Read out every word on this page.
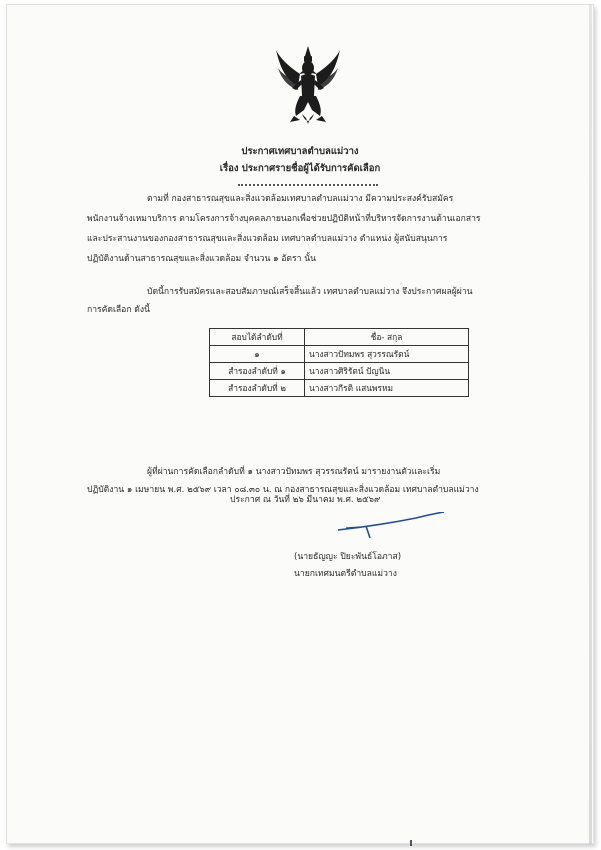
ประกาศเทศบาลตำบลแม่วาง
เรื่อง ประกาศรายชื่อผู้ได้รับการคัดเลือก
ตามที่ กองสาธารณสุขและสิ่งแวดล้อมเทศบาลตำบลแม่วาง มีความประสงค์รับสมัคร
พนักงานจ้างเหมาบริการ ตามโครงการจ้างบุคคลภายนอกเพื่อช่วยปฏิบัติหน้าที่บริหารจัดการงานด้านเอกสาร
และประสานงานของกองสาธารณสุขและสิ่งแวดล้อม เทศบาลตำบลแม่วาง ตำแหน่ง ผู้สนับสนุนการ
ปฏิบัติงานด้านสาธารณสุขและสิ่งแวดล้อม จำนวน ๑ อัตรา นั้น
บัดนี้การรับสมัครและสอบสัมภาษณ์เสร็จสิ้นแล้ว เทศบาลตำบลแม่วาง จึงประกาศผลผู้ผ่าน
การคัดเลือก ดังนี้
สอบได้ลำดับที่	ชื่อ- สกุล
๑	นางสาวปัทมพร สุวรรณรัตน์
สำรองลำดับที่ ๑	นางสาวศิริรัตน์ ปัญนิน
สำรองลำดับที่ ๒	นางสาวกีรติ แสนพรหม
ผู้ที่ผ่านการคัดเลือกลำดับที่ ๑ นางสาวปัทมพร สุวรรณรัตน์ มารายงานตัวและเริ่ม
ปฏิบัติงาน ๑ เมษายน พ.ศ. ๒๕๖๙ เวลา ๐๘.๓๐ น. ณ กองสาธารณสุขและสิ่งแวดล้อม เทศบาลตำบลแม่วาง
ประกาศ ณ วันที่ ๒๖ มีนาคม พ.ศ. ๒๕๖๙
(นายธัญญะ ปิยะพันธ์โอภาส)
นายกเทศมนตรีตำบลแม่วาง
